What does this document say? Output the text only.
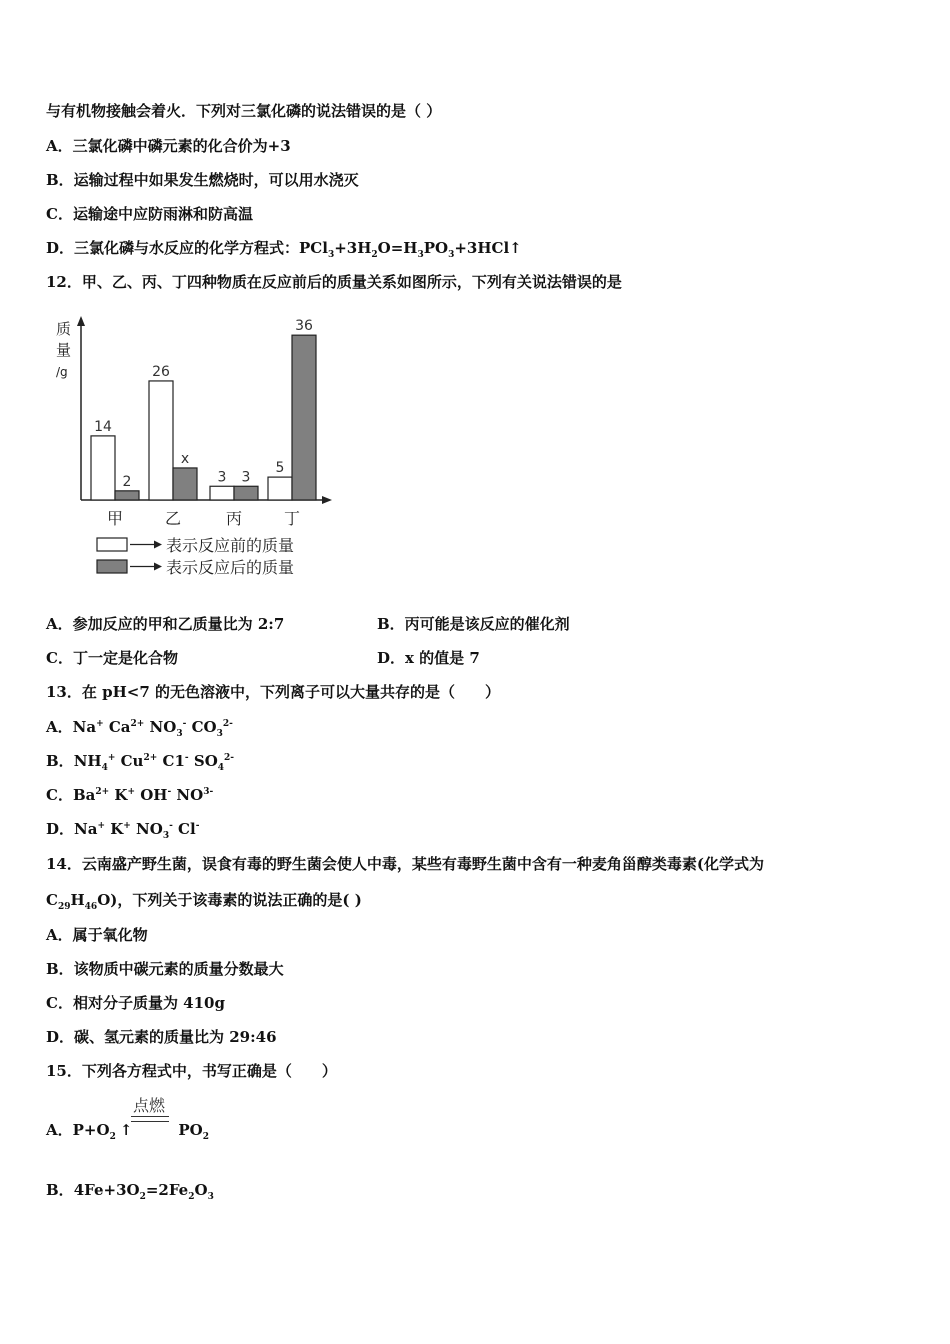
与有机物接触会着火．下列对三氯化磷的说法错误的是（ ）
A．三氯化磷中磷元素的化合价为+3
B．运输过程中如果发生燃烧时，可以用水浇灭
C．运输途中应防雨淋和防高温
D．三氯化磷与水反应的化学方程式：$PCl_3+3H_2O=H_3PO_3+3HCl↑$
12．甲、乙、丙、丁四种物质在反应前后的质量关系如图所示，下列有关说法错误的是
质
量
/g
14
26
3
5
2
x
3
36
甲	乙	丙	丁
表示反应前的质量
表示反应后的质量
A．参加反应的甲和乙质量比为 2:7	B．丙可能是该反应的催化剂
C．丁一定是化合物	D．x 的值是 7
13．在 pH<7 的无色溶液中，下列离子可以大量共存的是（　　）
A．Na+ $Ca^{2+}$ $NO_3^-$ $CO_3^{2-}$
B．$NH_4^+$ $Cu^{2+}$ C1- $SO_4^{2-}$
C．$Ba^{2+}$ K+ OH- $NO^{3-}$
D．Na+ K+ $NO_3^-$ Cl-
14．云南盛产野生菌，误食有毒的野生菌会使人中毒，某些有毒野生菌中含有一种麦角甾醇类毒素(化学式为
$C_{29}H_{46}O$)，下列关于该毒素的说法正确的是( )
A．属于氧化物
B．该物质中碳元素的质量分数最大
C．相对分子质量为 410g
D．碳、氢元素的质量比为 29:46
15．下列各方程式中，书写正确是（　　）
点燃
A．$P+O_2$ ↑	$PO_2$
B．$4Fe+3O_2=2Fe_2O_3$
